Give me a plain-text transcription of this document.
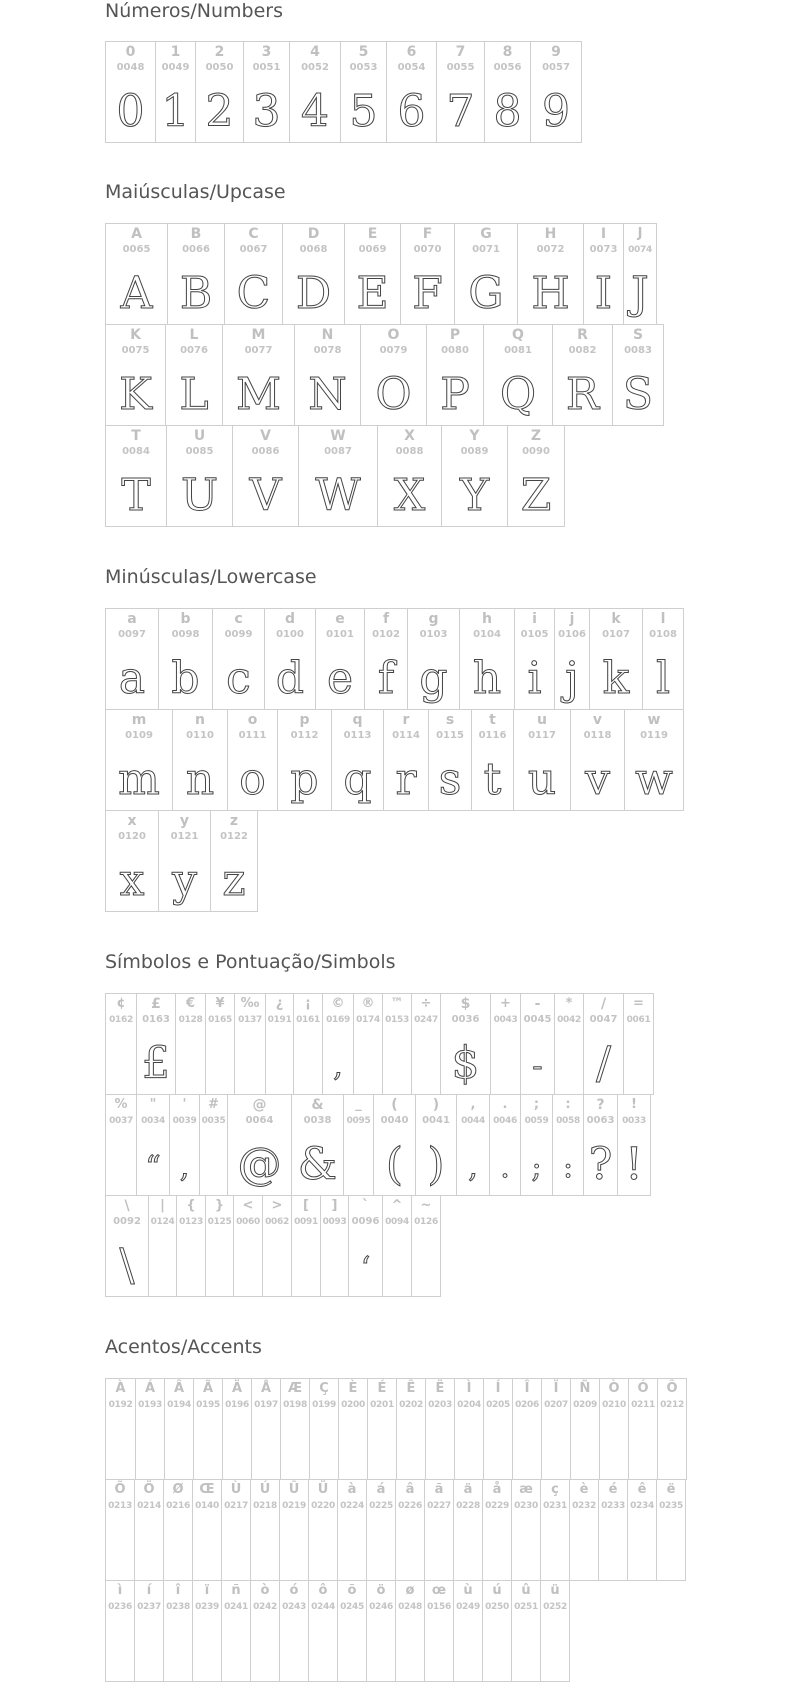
Números/Numbers
0
0048
0
1
0049
1
2
0050
2
3
0051
3
4
0052
4
5
0053
5
6
0054
6
7
0055
7
8
0056
8
9
0057
9
Maiúsculas/Upcase
A
0065
A
B
0066
B
C
0067
C
D
0068
D
E
0069
E
F
0070
F
G
0071
G
H
0072
H
I
0073
I
J
0074
J
K
0075
K
L
0076
L
M
0077
M
N
0078
N
O
0079
O
P
0080
P
Q
0081
Q
R
0082
R
S
0083
S
T
0084
T
U
0085
U
V
0086
V
W
0087
W
X
0088
X
Y
0089
Y
Z
0090
Z
Minúsculas/Lowercase
a
0097
a
b
0098
b
c
0099
c
d
0100
d
e
0101
e
f
0102
f
g
0103
g
h
0104
h
i
0105
i
j
0106
j
k
0107
k
l
0108
l
m
0109
m
n
0110
n
o
0111
o
p
0112
p
q
0113
q
r
0114
r
s
0115
s
t
0116
t
u
0117
u
v
0118
v
w
0119
w
x
0120
x
y
0121
y
z
0122
z
Símbolos e Pontuação/Simbols
¢
0162
£
0163
£
€
0128
¥
0165
‰
0137
¿
0191
¡
0161
©
0169
,
®
0174
™
0153
÷
0247
$
0036
$
+
0043
-
0045
-
*
0042
/
0047
/
=
0061
%
0037
"
0034
“
'
0039
,
#
0035
@
0064
@
&
0038
&
_
0095
(
0040
(
)
0041
)
,
0044
,
.
0046
.
;
0059
;
:
0058
:
?
0063
?
!
0033
!
\
0092
\
|
0124
{
0123
}
0125
<
0060
>
0062
[
0091
]
0093
`
0096
‘
^
0094
~
0126
Acentos/Accents
À
0192
Á
0193
Â
0194
Ã
0195
Ä
0196
Å
0197
Æ
0198
Ç
0199
È
0200
É
0201
Ê
0202
Ë
0203
Ì
0204
Í
0205
Î
0206
Ï
0207
Ñ
0209
Ò
0210
Ó
0211
Ô
0212
Õ
0213
Ö
0214
Ø
0216
Œ
0140
Ù
0217
Ú
0218
Û
0219
Ü
0220
à
0224
á
0225
â
0226
ã
0227
ä
0228
å
0229
æ
0230
ç
0231
è
0232
é
0233
ê
0234
ë
0235
ì
0236
í
0237
î
0238
ï
0239
ñ
0241
ò
0242
ó
0243
ô
0244
õ
0245
ö
0246
ø
0248
œ
0156
ù
0249
ú
0250
û
0251
ü
0252
